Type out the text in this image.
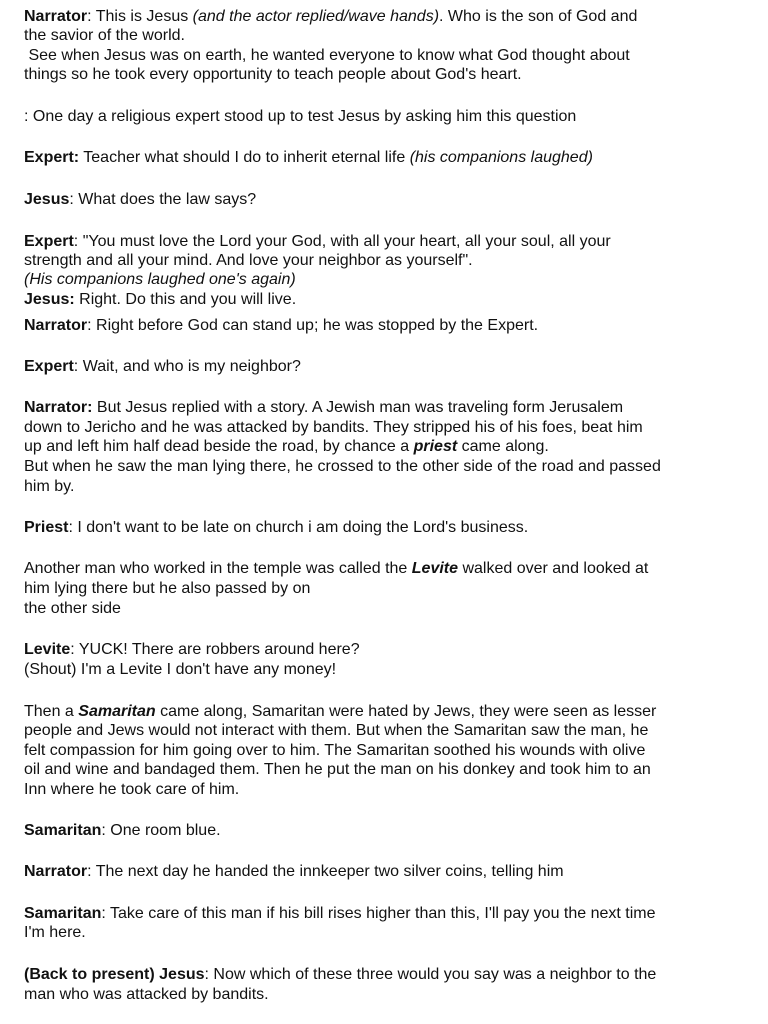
Narrator: This is Jesus (and the actor replied/wave hands). Who is the son of God and

the savior of the world.

See when Jesus was on earth, he wanted everyone to know what God thought about

things so he took every opportunity to teach people about God's heart.

: One day a religious expert stood up to test Jesus by asking him this question

Expert: Teacher what should I do to inherit eternal life (his companions laughed)

Jesus: What does the law says?

Expert: "You must love the Lord your God, with all your heart, all your soul, all your

strength and all your mind. And love your neighbor as yourself".

(His companions laughed one's again)

Jesus: Right. Do this and you will live.

Narrator: Right before God can stand up; he was stopped by the Expert.

Expert: Wait, and who is my neighbor?

Narrator: But Jesus replied with a story. A Jewish man was traveling form Jerusalem

down to Jericho and he was attacked by bandits. They stripped his of his foes, beat him

up and left him half dead beside the road, by chance a priest came along.

But when he saw the man lying there, he crossed to the other side of the road and passed

him by.

Priest: I don't want to be late on church i am doing the Lord's business.

Another man who worked in the temple was called the Levite walked over and looked at

him lying there but he also passed by on

the other side

Levite: YUCK! There are robbers around here?

(Shout) I'm a Levite I don't have any money!

Then a Samaritan came along, Samaritan were hated by Jews, they were seen as lesser

people and Jews would not interact with them. But when the Samaritan saw the man, he

felt compassion for him going over to him. The Samaritan soothed his wounds with olive

oil and wine and bandaged them. Then he put the man on his donkey and took him to an

Inn where he took care of him.

Samaritan: One room blue.

Narrator: The next day he handed the innkeeper two silver coins, telling him

Samaritan: Take care of this man if his bill rises higher than this, I'll pay you the next time

I'm here.

(Back to present) Jesus: Now which of these three would you say was a neighbor to the

man who was attacked by bandits.
